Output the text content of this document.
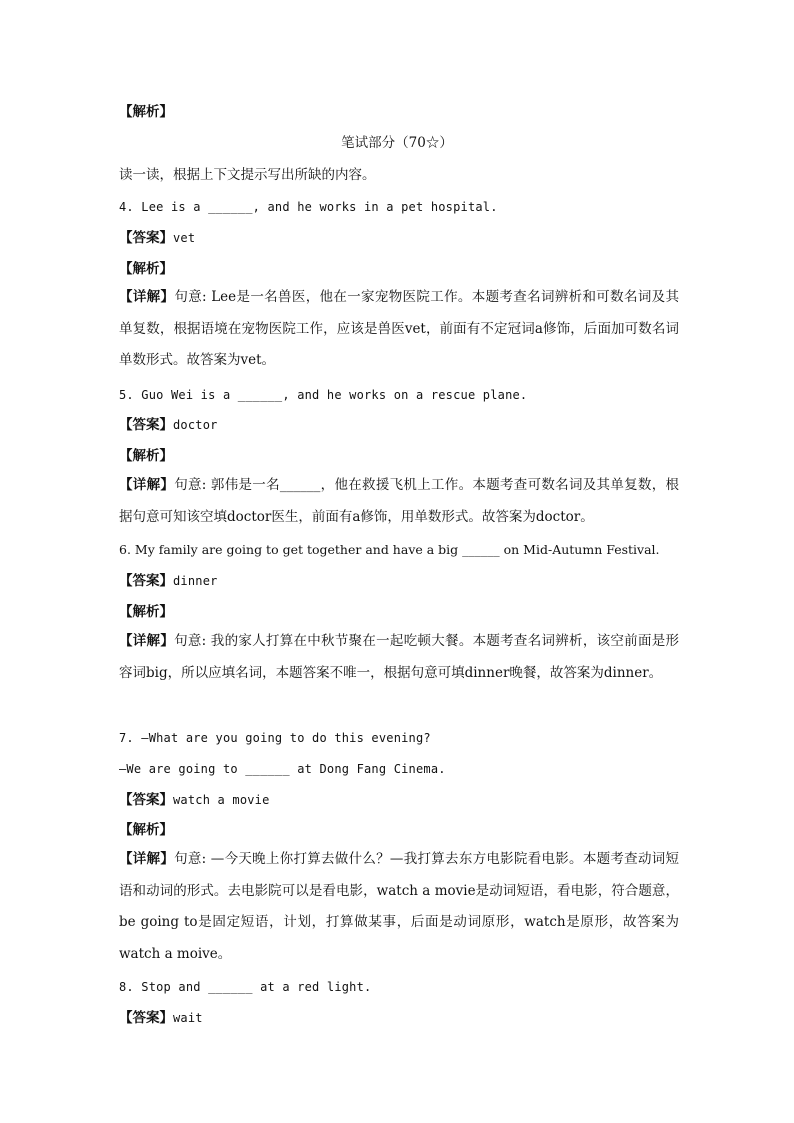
【解析】
笔试部分（70☆）
读一读，根据上下文提示写出所缺的内容。
4. Lee is a ______, and he works in a pet hospital.
【答案】vet
【解析】
【详解】句意: Lee是一名兽医，他在一家宠物医院工作。本题考查名词辨析和可数名词及其单复数，根据语境在宠物医院工作，应该是兽医vet，前面有不定冠词a修饰，后面加可数名词单数形式。故答案为vet。
5. Guo Wei is a ______, and he works on a rescue plane.
【答案】doctor
【解析】
【详解】句意: 郭伟是一名______，他在救援飞机上工作。本题考查可数名词及其单复数，根据句意可知该空填doctor医生，前面有a修饰，用单数形式。故答案为doctor。
6. My family are going to get together and have a big ______ on Mid-Autumn Festival.
【答案】dinner
【解析】
【详解】句意: 我的家人打算在中秋节聚在一起吃顿大餐。本题考查名词辨析，该空前面是形容词big，所以应填名词，本题答案不唯一，根据句意可填dinner晚餐，故答案为dinner。
7. —What are you going to do this evening?
—We are going to ______ at Dong Fang Cinema.
【答案】watch a movie
【解析】
【详解】句意: —今天晚上你打算去做什么？—我打算去东方电影院看电影。本题考查动词短语和动词的形式。去电影院可以是看电影，watch a movie是动词短语，看电影，符合题意，be going to是固定短语，计划，打算做某事，后面是动词原形，watch是原形，故答案为watch a moive。
8. Stop and ______ at a red light.
【答案】wait
